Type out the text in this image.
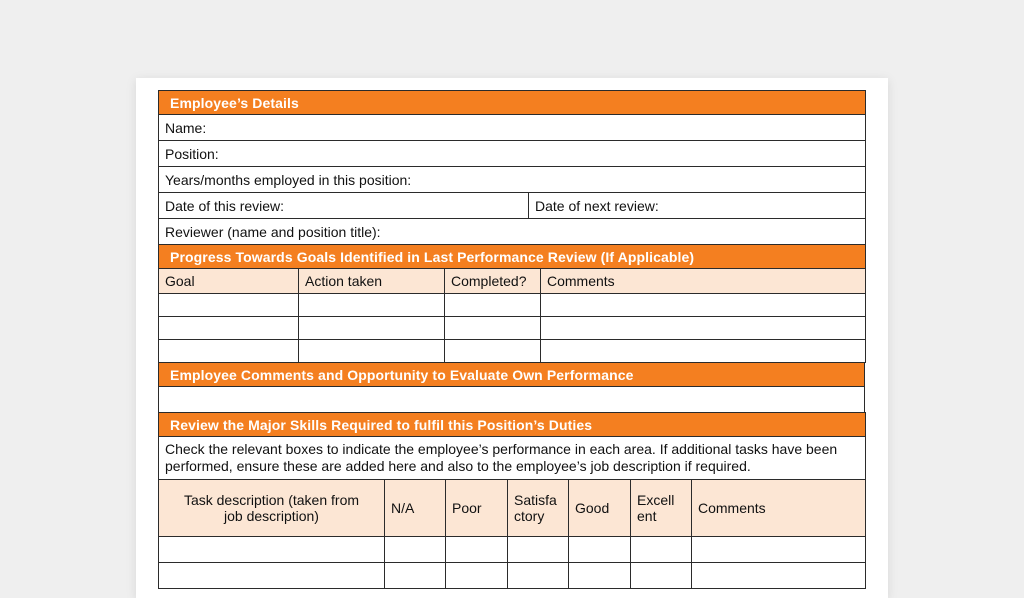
Employee’s Details
Name:
Position:
Years/months employed in this position:
Date of this review:	Date of next review:
Reviewer (name and position title):
Progress Towards Goals Identified in Last Performance Review (If Applicable)			
Goal	Action taken	Completed?	Comments

Employee Comments and Opportunity to Evaluate Own Performance

Review the Major Skills Required to fulfil this Position’s Duties						
Check the relevant boxes to indicate the employee’s performance in each area. If additional tasks have been performed, ensure these are added here and also to the employee’s job description if required.						
Task description (taken from job description)	N/A	Poor	Satisfa ctory	Good	Excell ent	Comments
